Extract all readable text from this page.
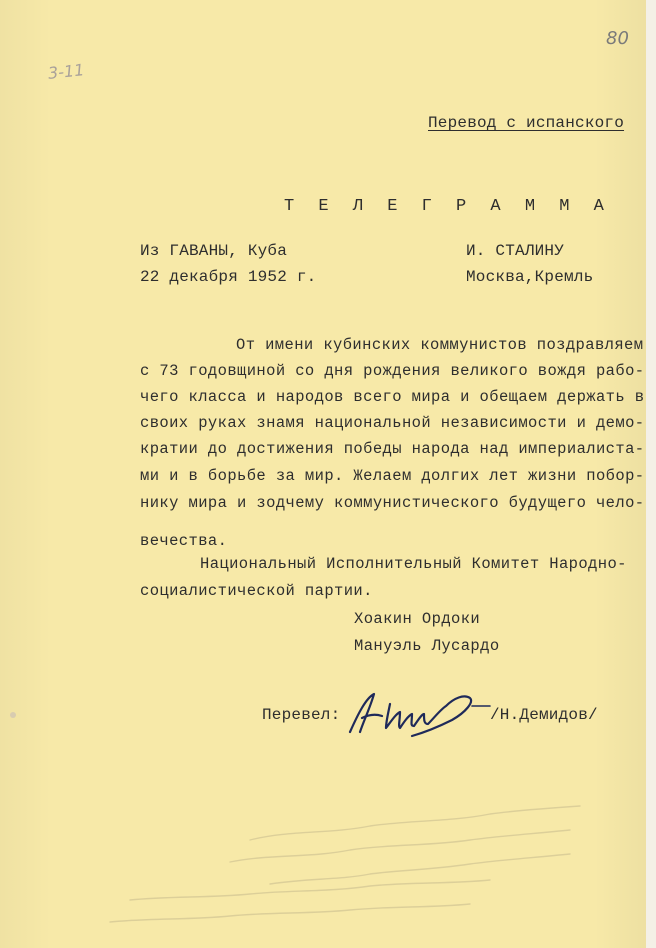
80
3-11
Перевод с испанского
Т Е Л Е Г Р А М М А
Из ГАВАНЫ, Куба
22 декабря 1952 г.
И. СТАЛИНУ
Москва,Кремль
От имени кубинских коммунистов поздравляем
с 73 годовщиной со дня рождения великого вождя рабо-
чего класса и народов всего мира и обещаем держать в
своих руках знамя национальной независимости и демо-
кратии до достижения победы народа над империалиста-
ми и в борьбе за мир. Желаем долгих лет жизни побор-
нику мира и зодчему коммунистического будущего чело-
вечества.
Национальный Исполнительный Комитет Народно-
социалистической партии.
Хоакин Ордоки
Мануэль Лусардо
Перевел:	/Н.Демидов/
